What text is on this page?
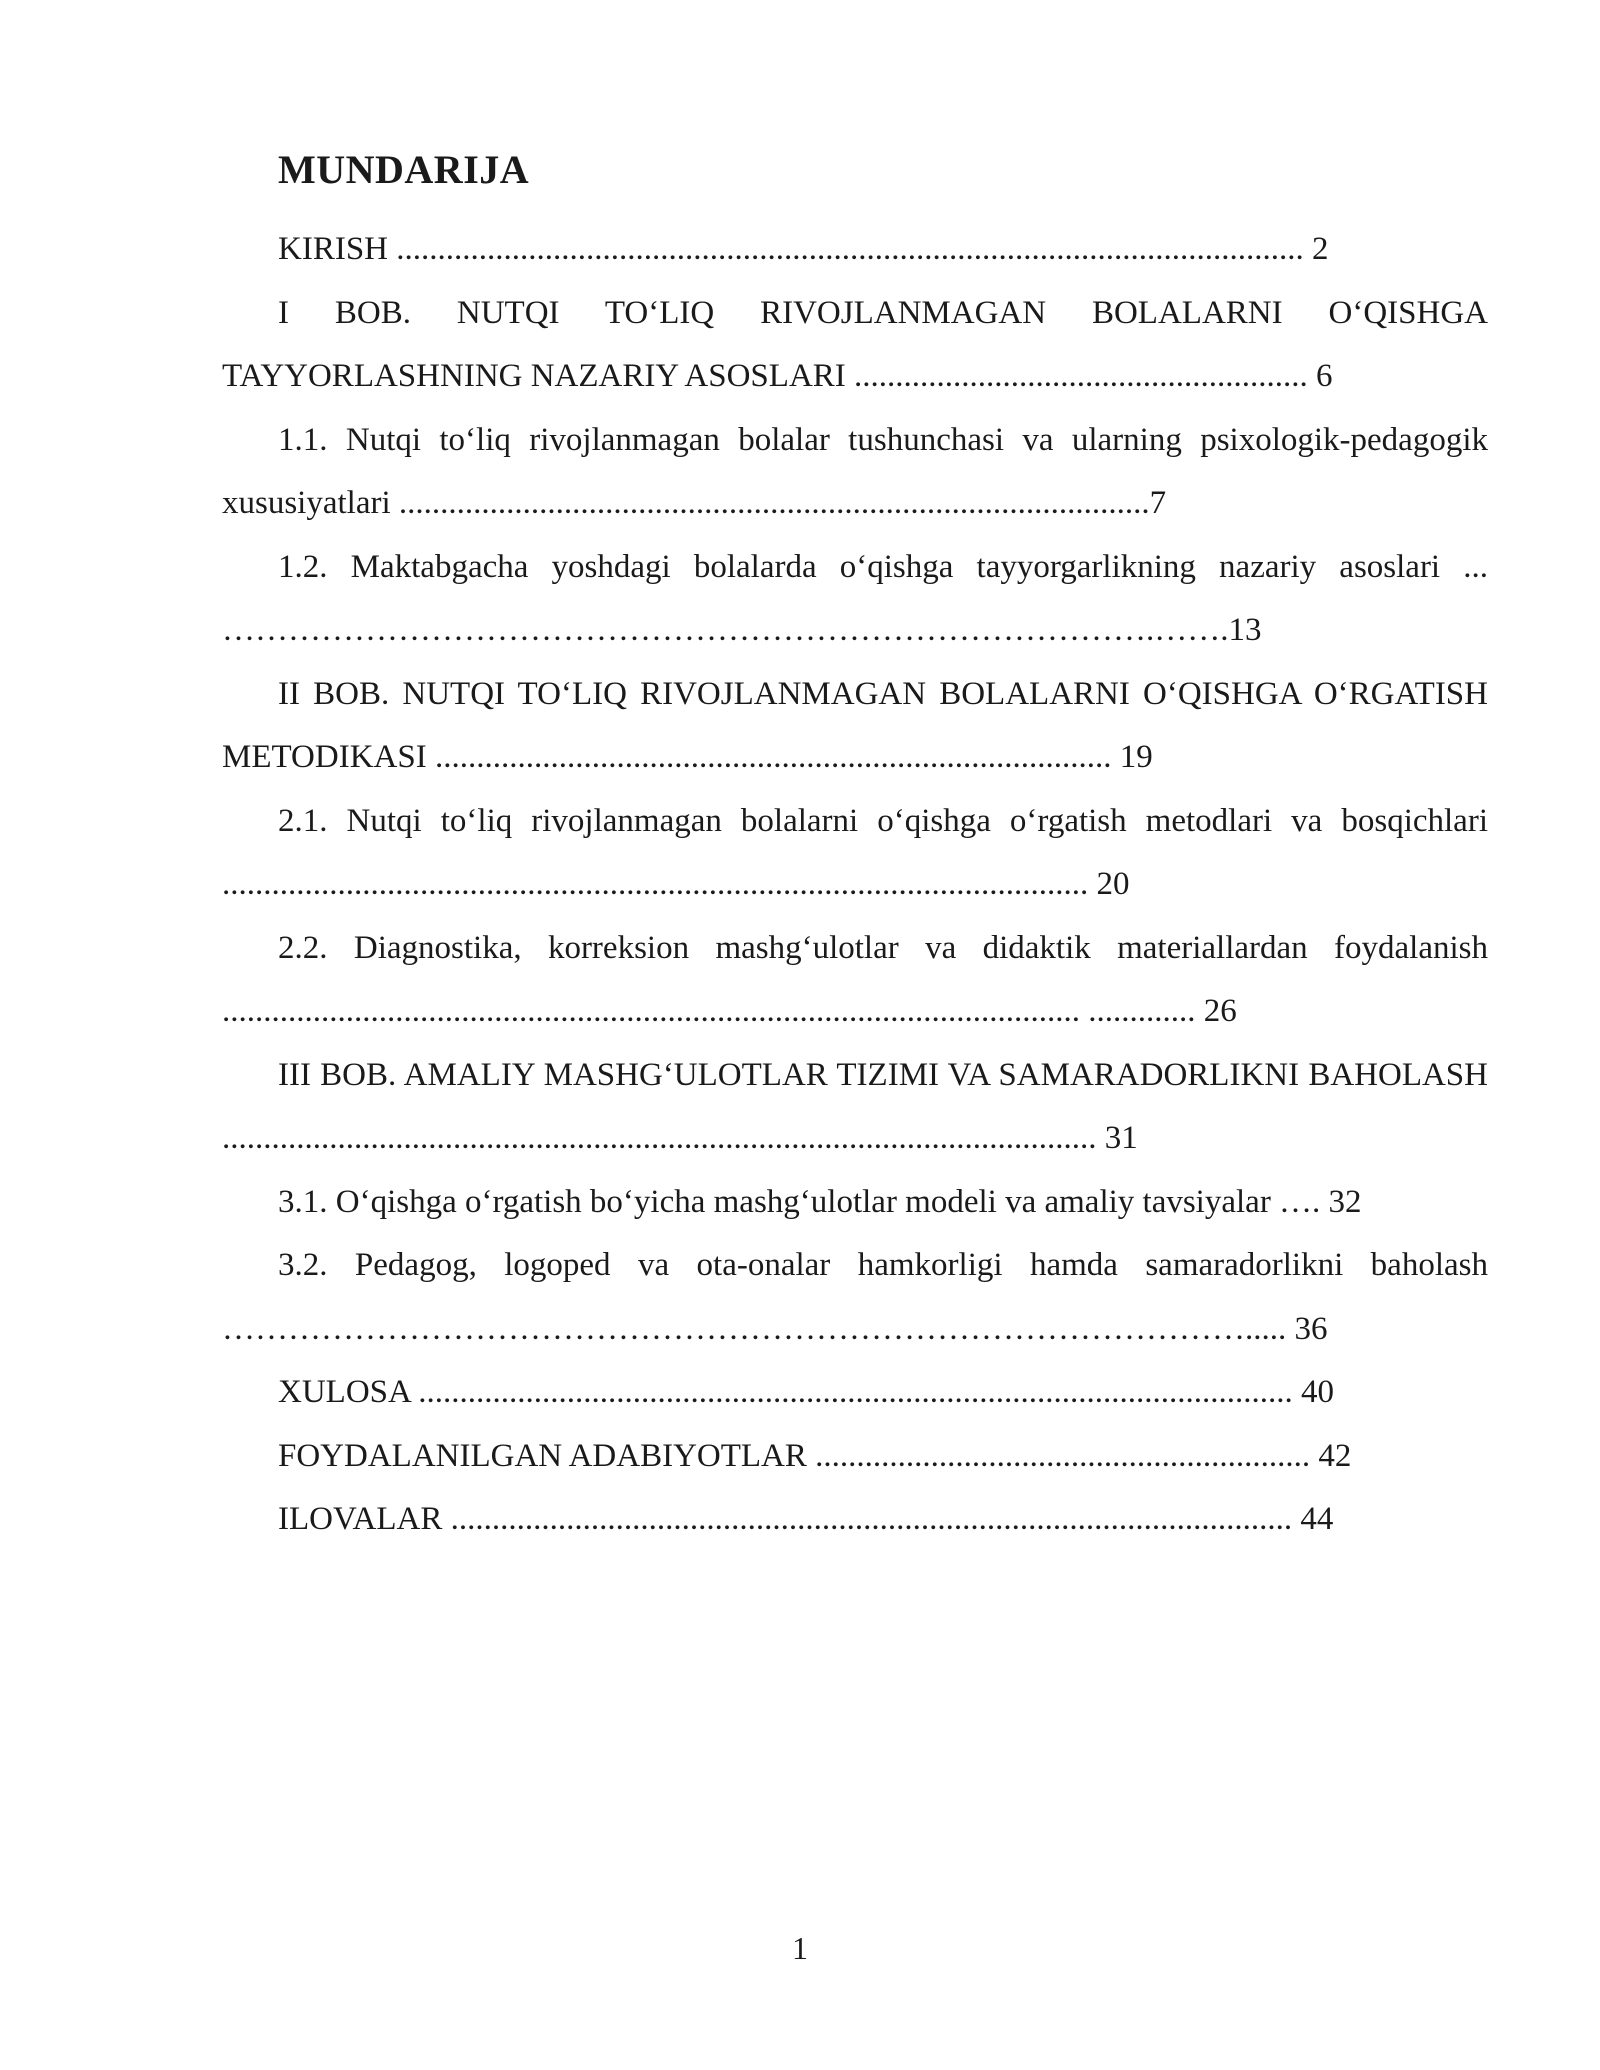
MUNDARIJA
KIRISH .............................................................................................................. 2
I BOB. NUTQI TO‘LIQ RIVOJLANMAGAN BOLALARNI O‘QISHGA TAYYORLASHNING NAZARIY ASOSLARI ....................................................... 6
1.1. Nutqi to‘liq rivojlanmagan bolalar tushunchasi va ularning psixologik-pedagogik xususiyatlari ...........................................................................................7
1.2. Maktabgacha yoshdagi bolalarda o‘qishga tayyorgarlikning nazariy asoslari ... ………………………………………………………………………….…….13
II BOB. NUTQI TO‘LIQ RIVOJLANMAGAN BOLALARNI O‘QISHGA O‘RGATISH METODIKASI .................................................................................. 19
2.1. Nutqi to‘liq rivojlanmagan bolalarni o‘qishga o‘rgatish metodlari va bosqichlari ......................................................................................................... 20
2.2. Diagnostika, korreksion mashg‘ulotlar va didaktik materiallardan foydalanish ........................................................................................................ ............. 26
III BOB. AMALIY MASHG‘ULOTLAR TIZIMI VA SAMARADORLIKNI BAHOLASH .......................................................................................................... 31
3.1. O‘qishga o‘rgatish bo‘yicha mashg‘ulotlar modeli va amaliy tavsiyalar …. 32
3.2. Pedagog, logoped va ota-onalar hamkorligi hamda samaradorlikni baholash …………………………………………………………………………………..... 36
XULOSA .......................................................................................................... 40
FOYDALANILGAN ADABIYOTLAR ............................................................ 42
ILOVALAR ...................................................................................................... 44
1
